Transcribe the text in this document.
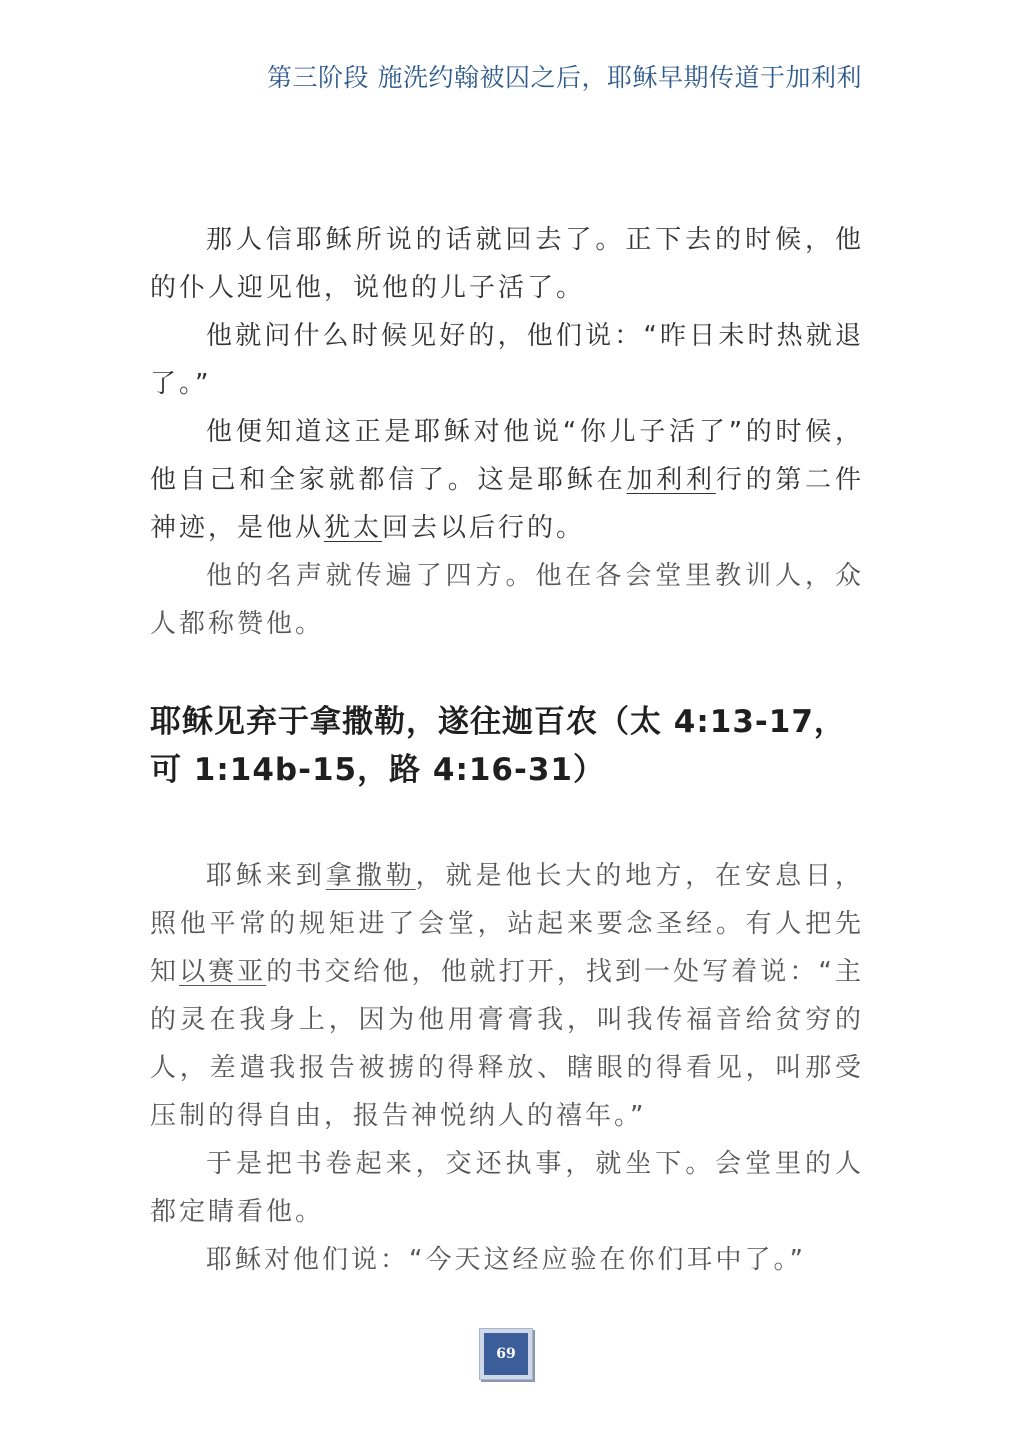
第三阶段 施洗约翰被囚之后，耶稣早期传道于加利利

那人信耶稣所说的话就回去了。正下去的时候，他的仆人迎见他，说他的儿子活了。

他就问什么时候见好的，他们说：“昨日未时热就退了。”

他便知道这正是耶稣对他说“你儿子活了”的时候，他自己和全家就都信了。这是耶稣在加利利行的第二件神迹，是他从犹太回去以后行的。

他的名声就传遍了四方。他在各会堂里教训人，众人都称赞他。

耶稣见弃于拿撒勒，遂往迦百农（太 4:13-17，
可 1:14b-15，路 4:16-31）

耶稣来到拿撒勒，就是他长大的地方，在安息日，照他平常的规矩进了会堂，站起来要念圣经。有人把先知以赛亚的书交给他，他就打开，找到一处写着说：“主的灵在我身上，因为他用膏膏我，叫我传福音给贫穷的人，差遣我报告被掳的得释放、瞎眼的得看见，叫那受压制的得自由，报告神悦纳人的禧年。”

于是把书卷起来，交还执事，就坐下。会堂里的人都定睛看他。

耶稣对他们说：“今天这经应验在你们耳中了。”

69
